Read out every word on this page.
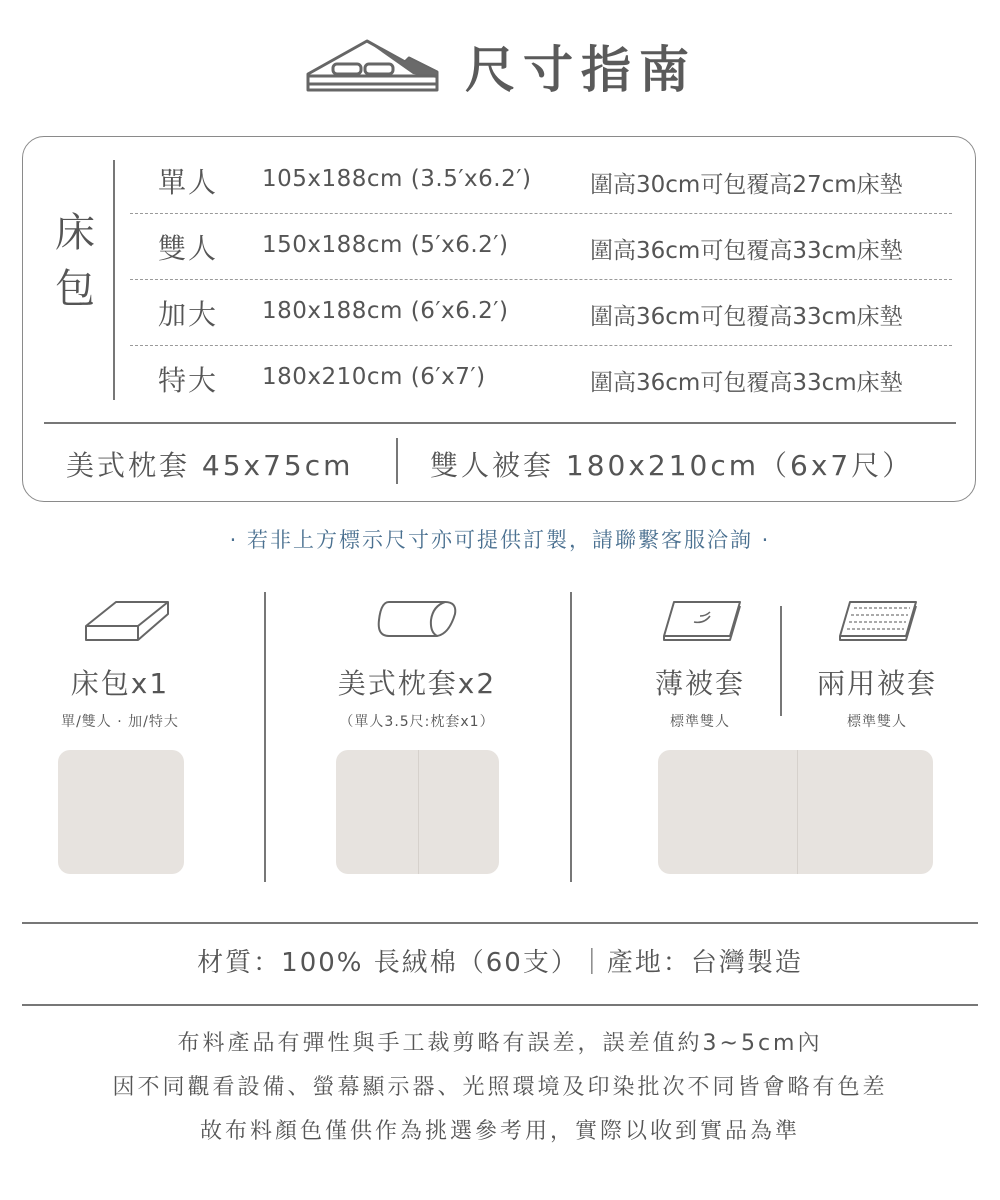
尺寸指南
床包
單人 105x188cm (3.5′x6.2′)	圍高30cm可包覆高27cm床墊
雙人 150x188cm (5′x6.2′)	圍高36cm可包覆高33cm床墊
加大 180x188cm (6′x6.2′)	圍高36cm可包覆高33cm床墊
特大 180x210cm (6′x7′)	圍高36cm可包覆高33cm床墊
美式枕套 45x75cm	雙人被套 180x210cm（6x7尺）
· 若非上方標示尺寸亦可提供訂製，請聯繫客服洽詢 ·
床包x1
單/雙人 · 加/特大
美式枕套x2
（單人3.5尺:枕套x1）
薄被套
標準雙人
兩用被套
標準雙人
材質：100% 長絨棉（60支）｜產地：台灣製造
布料產品有彈性與手工裁剪略有誤差，誤差值約3~5cm內
因不同觀看設備、螢幕顯示器、光照環境及印染批次不同皆會略有色差
故布料顏色僅供作為挑選參考用，實際以收到實品為準
